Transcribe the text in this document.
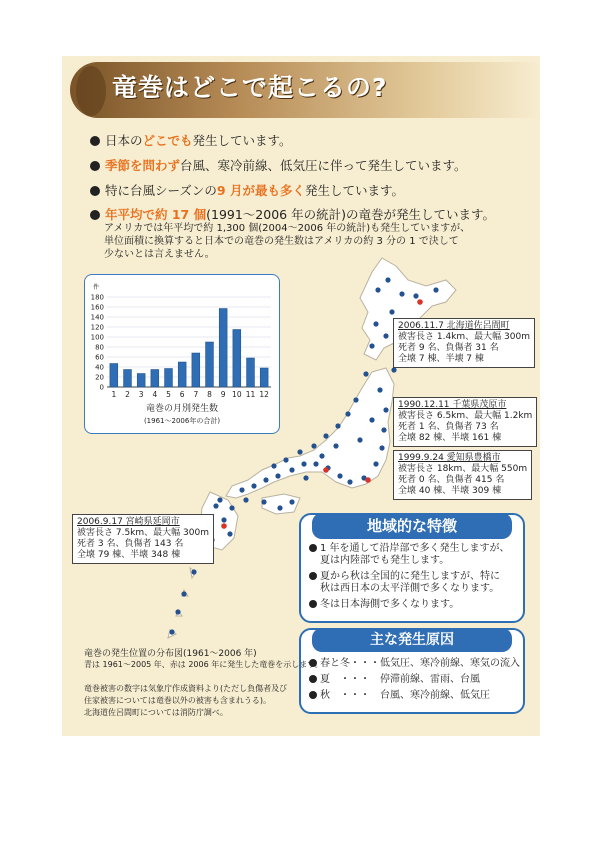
竜巻はどこで起こるの?
日本のどこでも発生しています。
季節を問わず台風、寒冷前線、低気圧に伴って発生しています。
特に台風シーズンの9 月が最も多く発生しています。
年平均で約 17 個(1991～2006 年の統計)の竜巻が発生しています。
アメリカでは年平均で約 1,300 個(2004～2006 年の統計)も発生していますが、
単位面積に換算すると日本での竜巻の発生数はアメリカの約 3 分の 1 で決して
少ないとは言えません。
0
20
40
60
80
100
120
140
160
180
件
1 2 3 4 5 6 7 8 9 10 11 12
竜巻の月別発生数
(1961～2006年の合計)
2006.11.7 北海道佐呂間町
被害長さ 1.4km、最大幅 300m
死者 9 名、負傷者 31 名
全壊 7 棟、半壊 7 棟
1990.12.11 千葉県茂原市
被害長さ 6.5km、最大幅 1.2km
死者 1 名、負傷者 73 名
全壊 82 棟、半壊 161 棟
1999.9.24 愛知県豊橋市
被害長さ 18km、最大幅 550m
死者 0 名、負傷者 415 名
全壊 40 棟、半壊 309 棟
2006.9.17 宮崎県延岡市
被害長さ 7.5km、最大幅 300m
死者 3 名、負傷者 143 名
全壊 79 棟、半壊 348 棟
地域的な特徴
1 年を通して沿岸部で多く発生しますが、
夏は内陸部でも発生します。
夏から秋は全国的に発生しますが、特に
秋は西日本の太平洋側で多くなります。
冬は日本海側で多くなります。
主な発生原因
春と冬・・・低気圧、寒冷前線、寒気の流入
夏　・・・　停滞前線、雷雨、台風
秋　・・・　台風、寒冷前線、低気圧
竜巻の発生位置の分布図(1961～2006 年)
青は 1961～2005 年、赤は 2006 年に発生した竜巻を示します。
竜巻被害の数字は気象庁作成資料より(ただし負傷者及び
住家被害については竜巻以外の被害も含まれうる)。
北海道佐呂間町については消防庁調べ。
